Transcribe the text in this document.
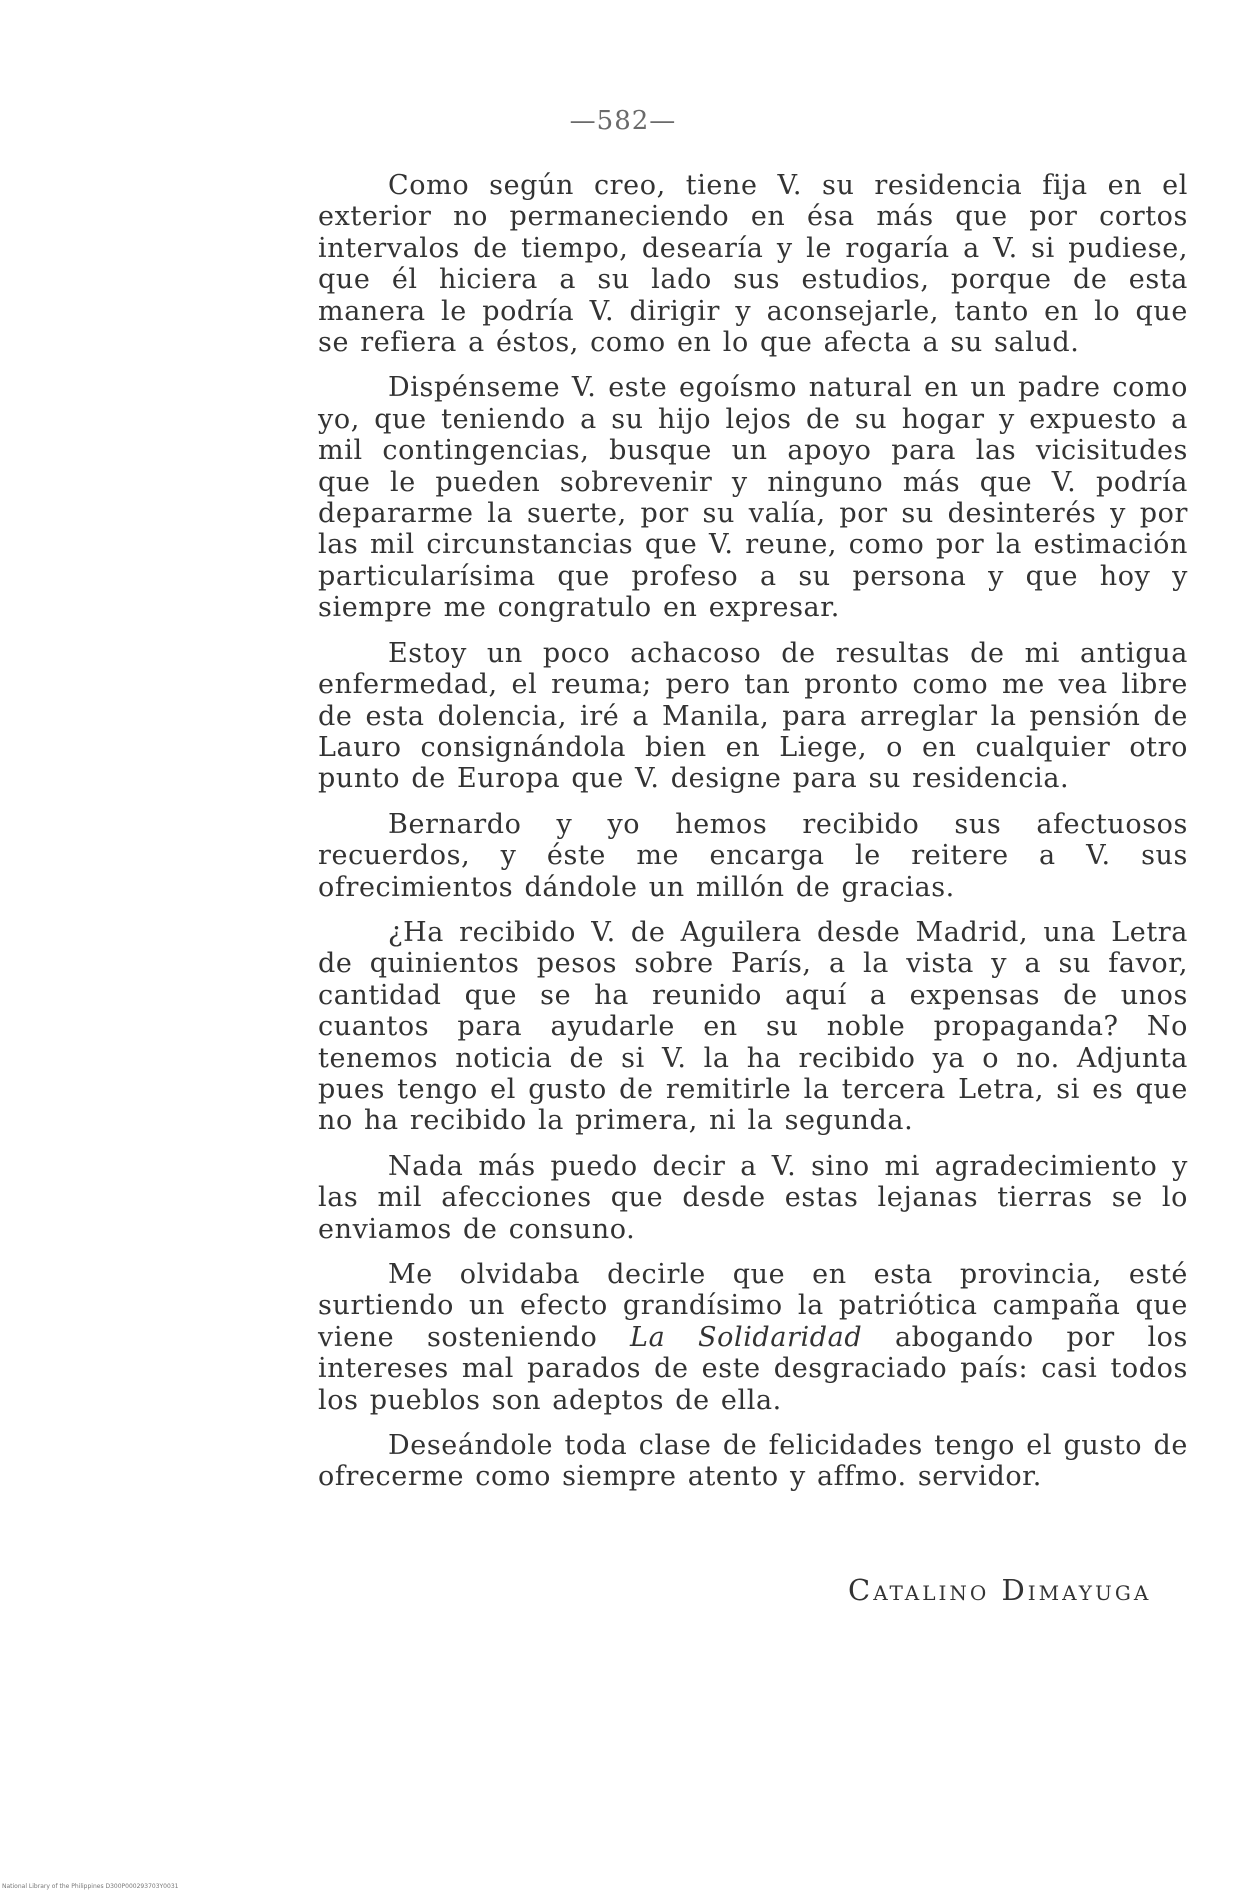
—582—

Como según creo, tiene V. su residencia fija en el exterior no permaneciendo en ésa más que por cortos intervalos de tiempo, desearía y le rogaría a V. si pudiese, que él hiciera a su lado sus estudios, porque de esta manera le podría V. dirigir y aconsejarle, tanto en lo que se refiera a éstos, como en lo que afecta a su salud.

Dispénseme V. este egoísmo natural en un padre como yo, que teniendo a su hijo lejos de su hogar y expuesto a mil contingencias, busque un apoyo para las vicisitudes que le pueden sobrevenir y ninguno más que V. podría depararme la suerte, por su valía, por su desinterés y por las mil circunstancias que V. reune, como por la estimación particularísima que profeso a su persona y que hoy y siempre me congratulo en expresar.

Estoy un poco achacoso de resultas de mi antigua enfermedad, el reuma; pero tan pronto como me vea libre de esta dolencia, iré a Manila, para arreglar la pensión de Lauro consignándola bien en Liege, o en cualquier otro punto de Europa que V. designe para su residencia.

Bernardo y yo hemos recibido sus afectuosos recuerdos, y éste me encarga le reitere a V. sus ofrecimientos dándole un millón de gracias.

¿Ha recibido V. de Aguilera desde Madrid, una Letra de quinientos pesos sobre París, a la vista y a su favor, cantidad que se ha reunido aquí a expensas de unos cuantos para ayudarle en su noble propaganda? No tenemos noticia de si V. la ha recibido ya o no. Adjunta pues tengo el gusto de remitirle la tercera Letra, si es que no ha recibido la primera, ni la segunda.

Nada más puedo decir a V. sino mi agradecimiento y las mil afecciones que desde estas lejanas tierras se lo enviamos de consuno.

Me olvidaba decirle que en esta provincia, esté surtiendo un efecto grandísimo la patriótica campaña que viene sosteniendo La Solidaridad abogando por los intereses mal parados de este desgraciado país: casi todos los pueblos son adeptos de ella.

Deseándole toda clase de felicidades tengo el gusto de ofrecerme como siempre atento y affmo. servidor.

Catalino Dimayuga
National Library of the Philippines D300P000293703Y0031
